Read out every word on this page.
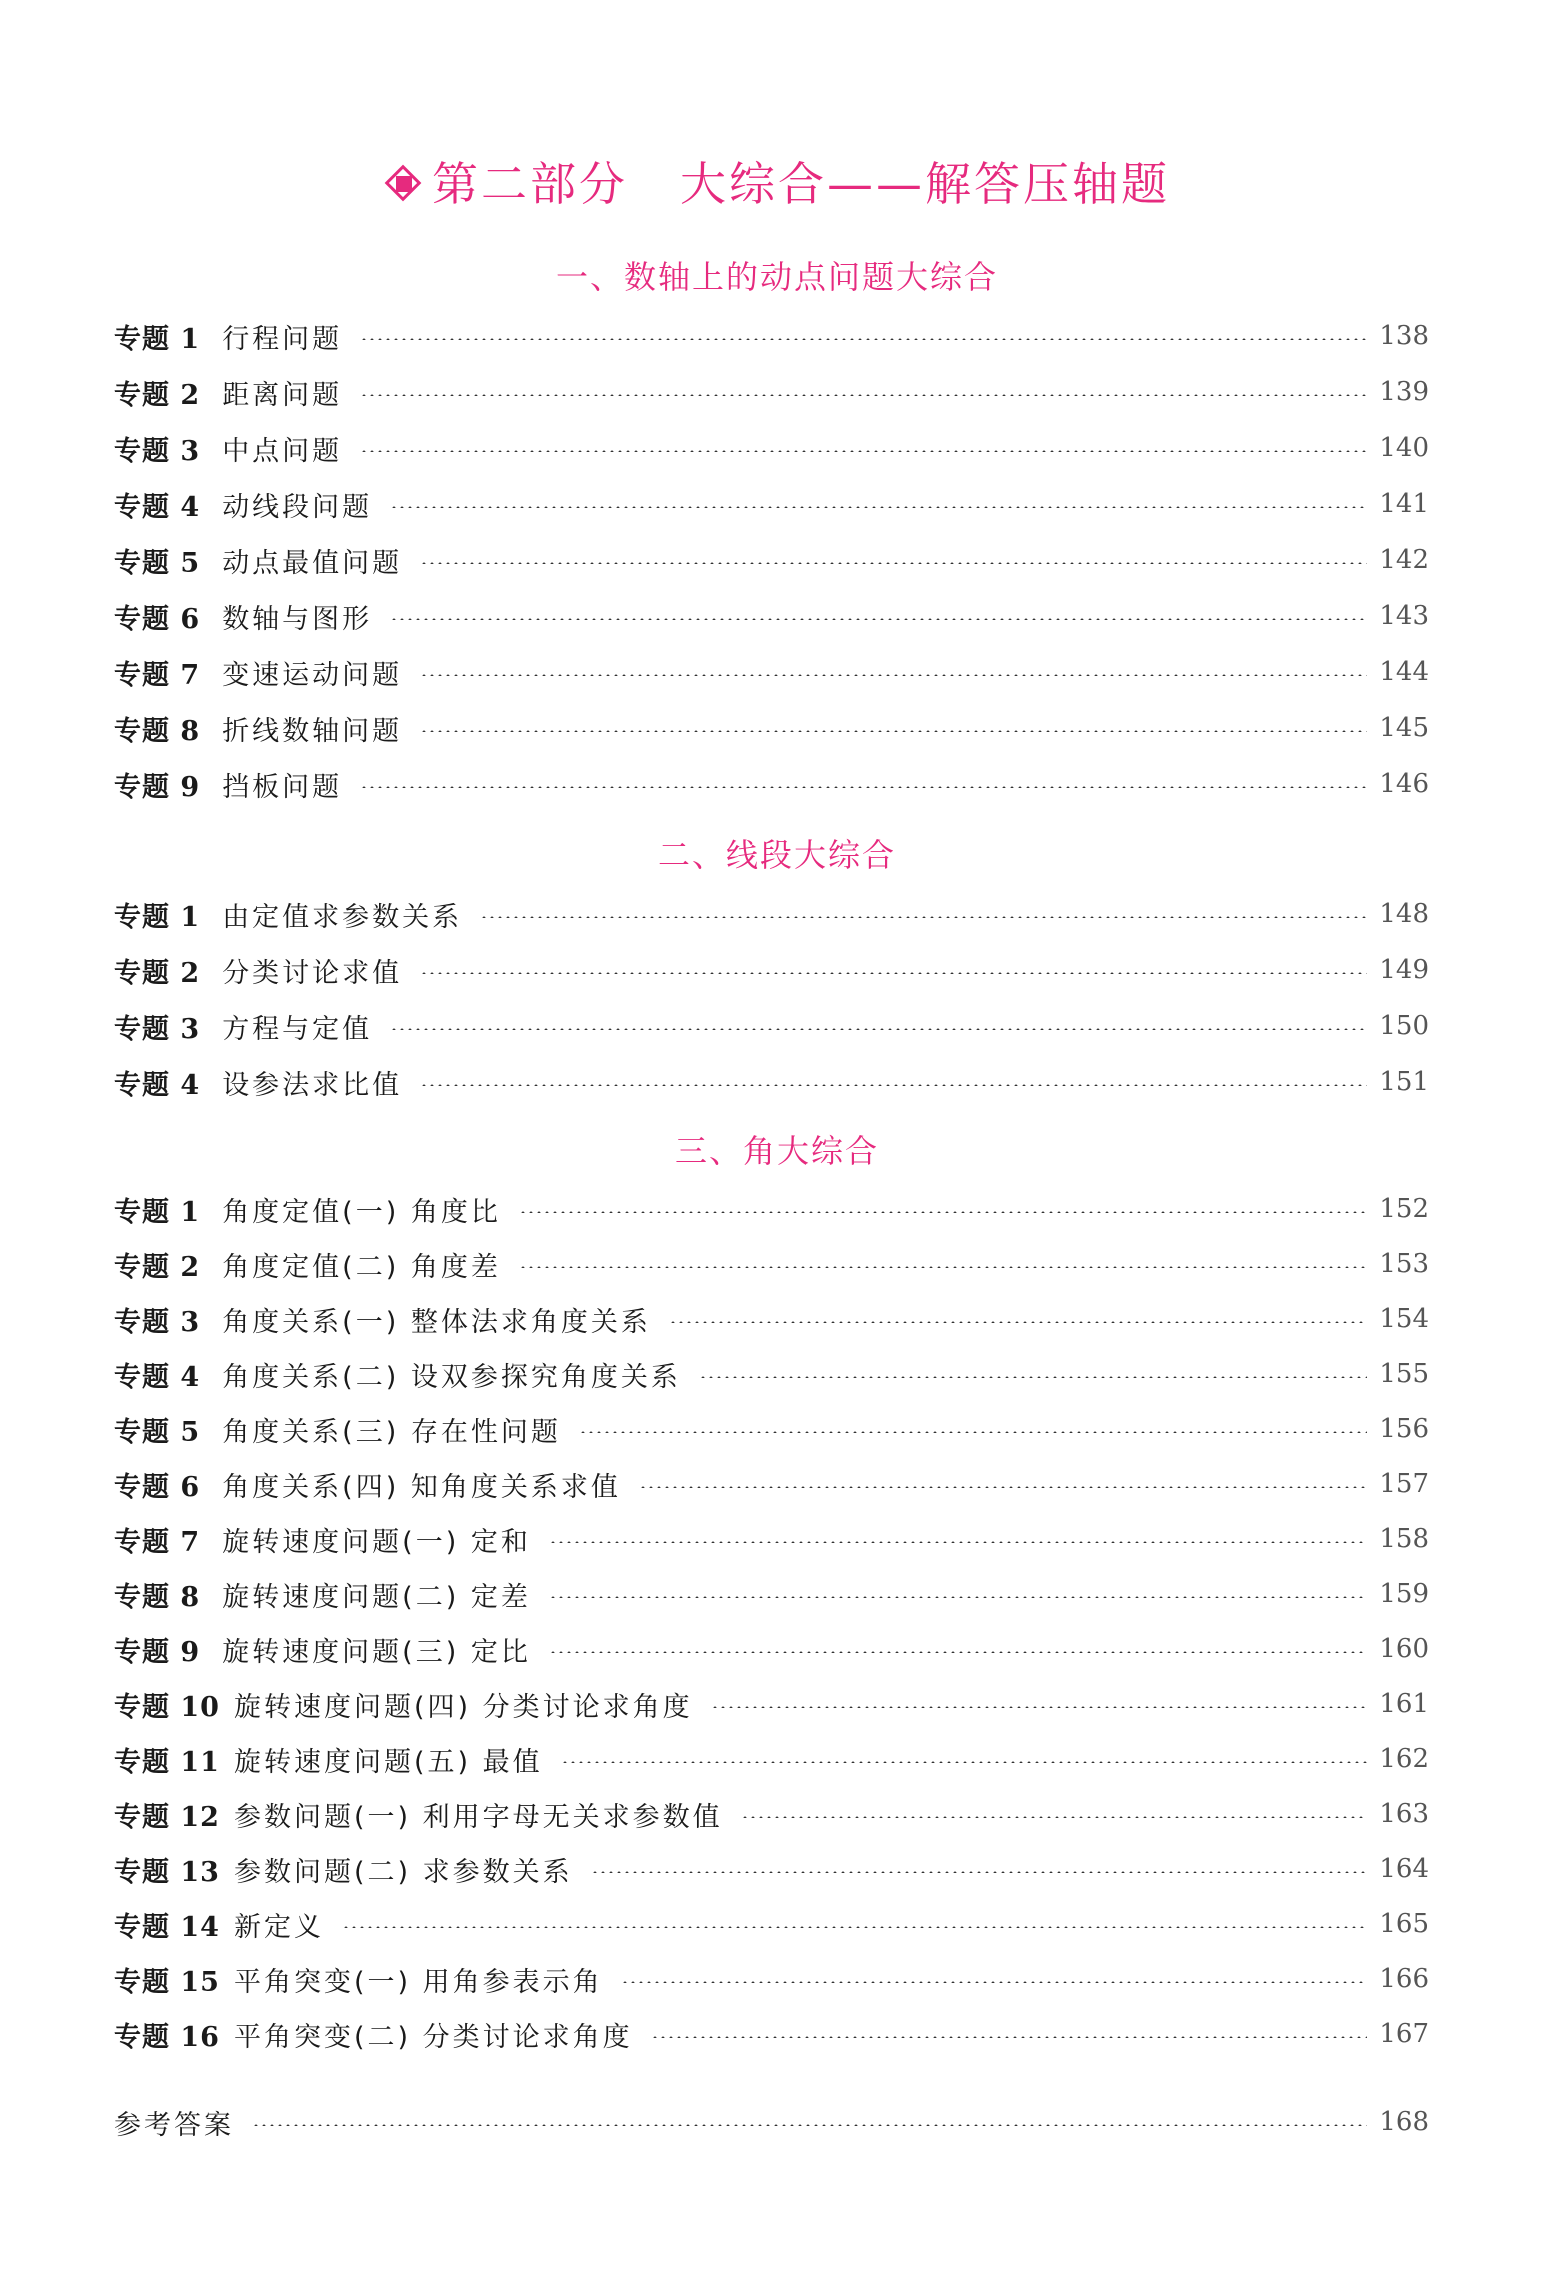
第二部分 大综合——解答压轴题
一、数轴上的动点问题大综合
专题 1 行程问题	138
专题 2 距离问题	139
专题 3 中点问题	140
专题 4 动线段问题	141
专题 5 动点最值问题	142
专题 6 数轴与图形	143
专题 7 变速运动问题	144
专题 8 折线数轴问题	145
专题 9 挡板问题	146
二、线段大综合
专题 1 由定值求参数关系	148
专题 2 分类讨论求值	149
专题 3 方程与定值	150
专题 4 设参法求比值	151
三、角大综合
专题 1 角度定值(一) 角度比	152
专题 2 角度定值(二) 角度差	153
专题 3 角度关系(一) 整体法求角度关系	154
专题 4 角度关系(二) 设双参探究角度关系	155
专题 5 角度关系(三) 存在性问题	156
专题 6 角度关系(四) 知角度关系求值	157
专题 7 旋转速度问题(一) 定和	158
专题 8 旋转速度问题(二) 定差	159
专题 9 旋转速度问题(三) 定比	160
专题 10 旋转速度问题(四) 分类讨论求角度	161
专题 11 旋转速度问题(五) 最值	162
专题 12 参数问题(一) 利用字母无关求参数值	163
专题 13 参数问题(二) 求参数关系	164
专题 14 新定义	165
专题 15 平角突变(一) 用角参表示角	166
专题 16 平角突变(二) 分类讨论求角度	167
参考答案	168
